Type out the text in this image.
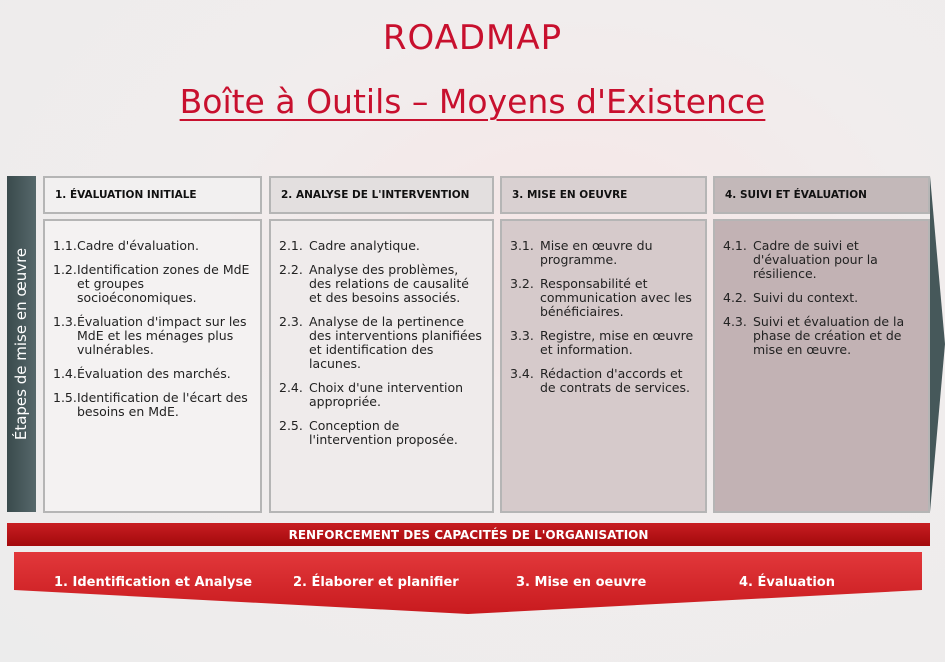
ROADMAP
Boîte à Outils – Moyens d'Existence
Étapes de mise en œuvre
1. ÉVALUATION INITIALE	2. ANALYSE DE L'INTERVENTION	3. MISE EN OEUVRE	4. SUIVI ET ÉVALUATION
1.1. Cadre d'évaluation.
1.2. Identification zones de MdE et groupes socioéconomiques.
1.3. Évaluation d'impact sur les MdE et les ménages plus vulnérables.
1.4. Évaluation des marchés.
1.5. Identification de l'écart des besoins en MdE.
2.1. Cadre analytique.
2.2. Analyse des problèmes, des relations de causalité et des besoins associés.
2.3. Analyse de la pertinence des interventions planifiées et identification des lacunes.
2.4. Choix d'une intervention appropriée.
2.5. Conception de l'intervention proposée.
3.1. Mise en œuvre du programme.
3.2. Responsabilité et communication avec les bénéficiaires.
3.3. Registre, mise en œuvre et information.
3.4. Rédaction d'accords et de contrats de services.
4.1. Cadre de suivi et d'évaluation pour la résilience.
4.2. Suivi du context.
4.3. Suivi et évaluation de la phase de création et de mise en œuvre.
RENFORCEMENT DES CAPACITÉS DE L'ORGANISATION
1. Identification et Analyse	2. Élaborer et planifier	3. Mise en oeuvre	4. Évaluation
